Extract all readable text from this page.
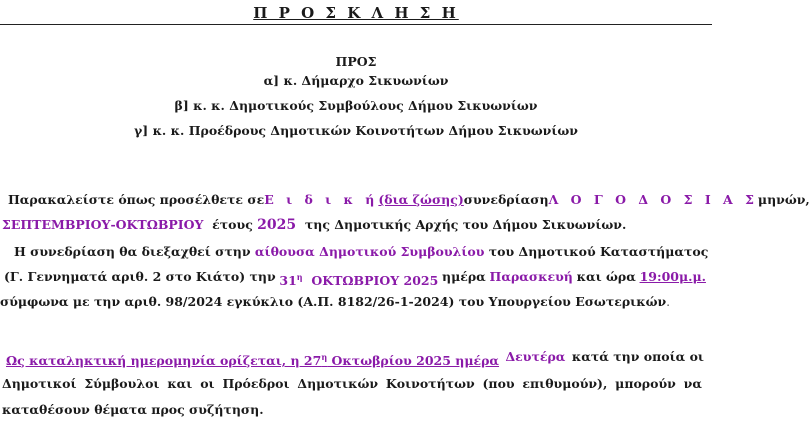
Π Ρ Ο Σ Κ Λ Η Σ Η
ΠΡΟΣ
α] κ. Δήμαρχο Σικυωνίων
β] κ. κ. Δημοτικούς Συμβούλους Δήμου Σικυωνίων
γ] κ. κ. Προέδρους Δημοτικών Κοινοτήτων Δήμου Σικυωνίων
Παρακαλείστε όπως προσέλθετε σε Ε ι δ ι κ ή (δια ζώσης) συνεδρίαση Λ Ο Γ Ο Δ Ο Σ Ι Α Σ μηνών,
ΣΕΠΤΕΜΒΡΙΟΥ-ΟΚΤΩΒΡΙΟΥ έτους 2025 της Δημοτικής Αρχής του Δήμου Σικυωνίων.
Η συνεδρίαση θα διεξαχθεί στην αίθουσα Δημοτικού Συμβουλίου του Δημοτικού Καταστήματος
(Γ. Γεννηματά αριθ. 2 στο Κιάτο) την $31^\eta$ ΟΚΤΩΒΡΙΟΥ 2025 ημέρα Παρασκευή και ώρα 19:00μ.μ.
σύμφωνα με την αριθ. 98/2024 εγκύκλιο (Α.Π. 8182/26-1-2024) του Υπουργείου Εσωτερικών.
Ως καταληκτική ημερομηνία ορίζεται, η $27^\eta$ Οκτωβρίου 2025 ημέρα Δευτέρα κατά την οποία οι
Δημοτικοί Σύμβουλοι και οι Πρόεδροι Δημοτικών Κοινοτήτων (που επιθυμούν), μπορούν να
καταθέσουν θέματα προς συζήτηση.
